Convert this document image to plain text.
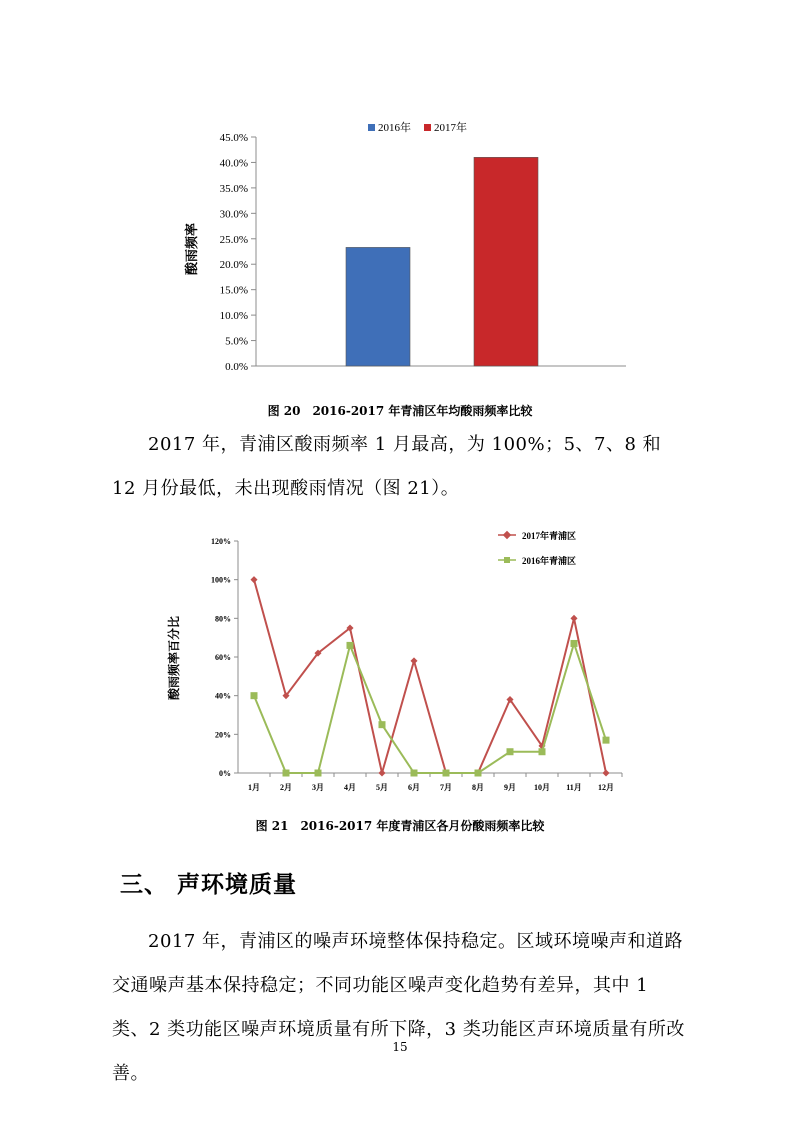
2016年 2017年
酸雨频率
0.0%
5.0%
10.0%
15.0%
20.0%
25.0%
30.0%
35.0%
40.0%
45.0%
图 20　2016-2017 年青浦区年均酸雨频率比较
2017 年，青浦区酸雨频率 1 月最高，为 100%；5、7、8 和 12 月份最低，未出现酸雨情况（图 21）。
酸雨频率百分比
2017年青浦区
2016年青浦区
0%
20%
40%
60%
80%
100%
120%
1月	2月	3月	4月	5月	6月	7月	8月	9月 10月 11月 12月
图 21　2016-2017 年度青浦区各月份酸雨频率比较
三、 声环境质量
2017 年，青浦区的噪声环境整体保持稳定。区域环境噪声和道路交通噪声基本保持稳定；不同功能区噪声变化趋势有差异，其中 1 类、2 类功能区噪声环境质量有所下降，3 类功能区声环境质量有所改善。
15
